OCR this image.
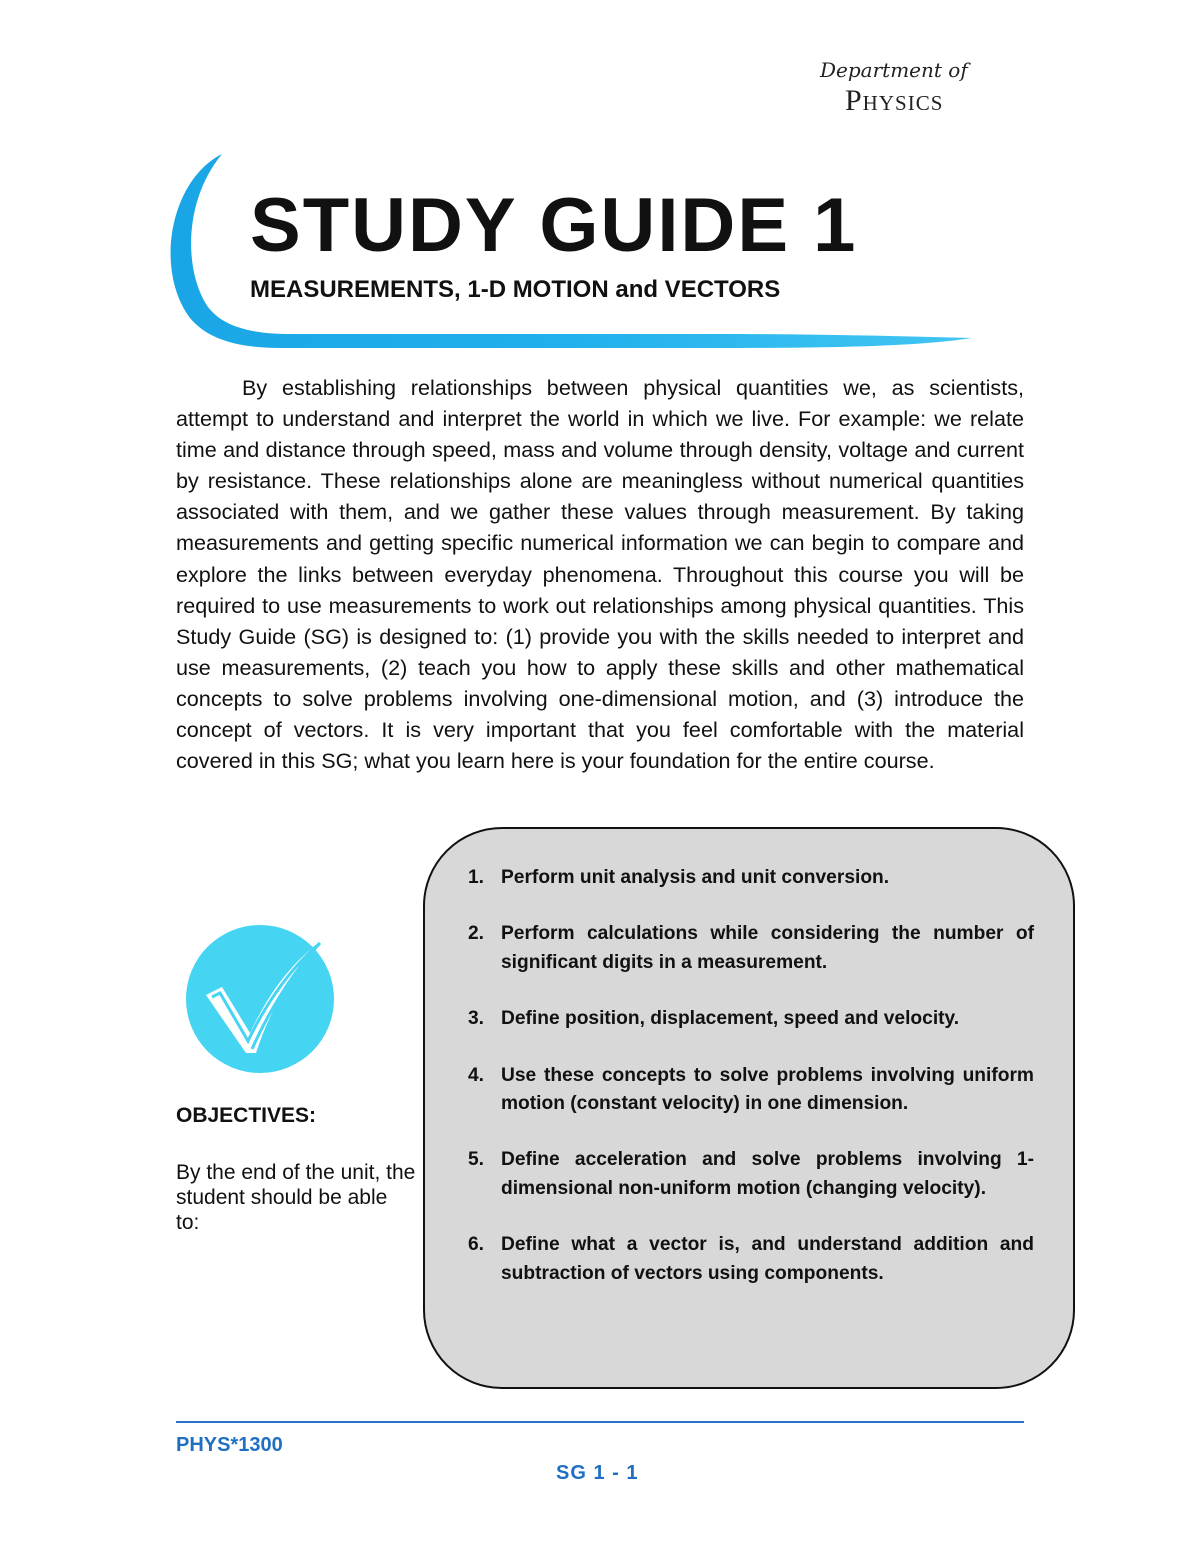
Department of
Physics
STUDY GUIDE 1
MEASUREMENTS, 1-D MOTION and VECTORS

By establishing relationships between physical quantities we, as scientists, attempt to understand and interpret the world in which we live. For example: we relate time and distance through speed, mass and volume through density, voltage and current by resistance. These relationships alone are meaningless without numerical quantities associated with them, and we gather these values through measurement. By taking measurements and getting specific numerical information we can begin to compare and explore the links between everyday phenomena. Throughout this course you will be required to use measurements to work out relationships among physical quantities. This Study Guide (SG) is designed to: (1) provide you with the skills needed to interpret and use measurements, (2) teach you how to apply these skills and other mathematical concepts to solve problems involving one-dimensional motion, and (3) introduce the concept of vectors. It is very important that you feel comfortable with the material covered in this SG; what you learn here is your foundation for the entire course.

OBJECTIVES:
By the end of the unit, the student should be able to:
1. Perform unit analysis and unit conversion.
2. Perform calculations while considering the number of significant digits in a measurement.
3. Define position, displacement, speed and velocity.
4. Use these concepts to solve problems involving uniform motion (constant velocity) in one dimension.
5. Define acceleration and solve problems involving 1-dimensional non-uniform motion (changing velocity).
6. Define what a vector is, and understand addition and subtraction of vectors using components.
PHYS*1300
SG 1 - 1
